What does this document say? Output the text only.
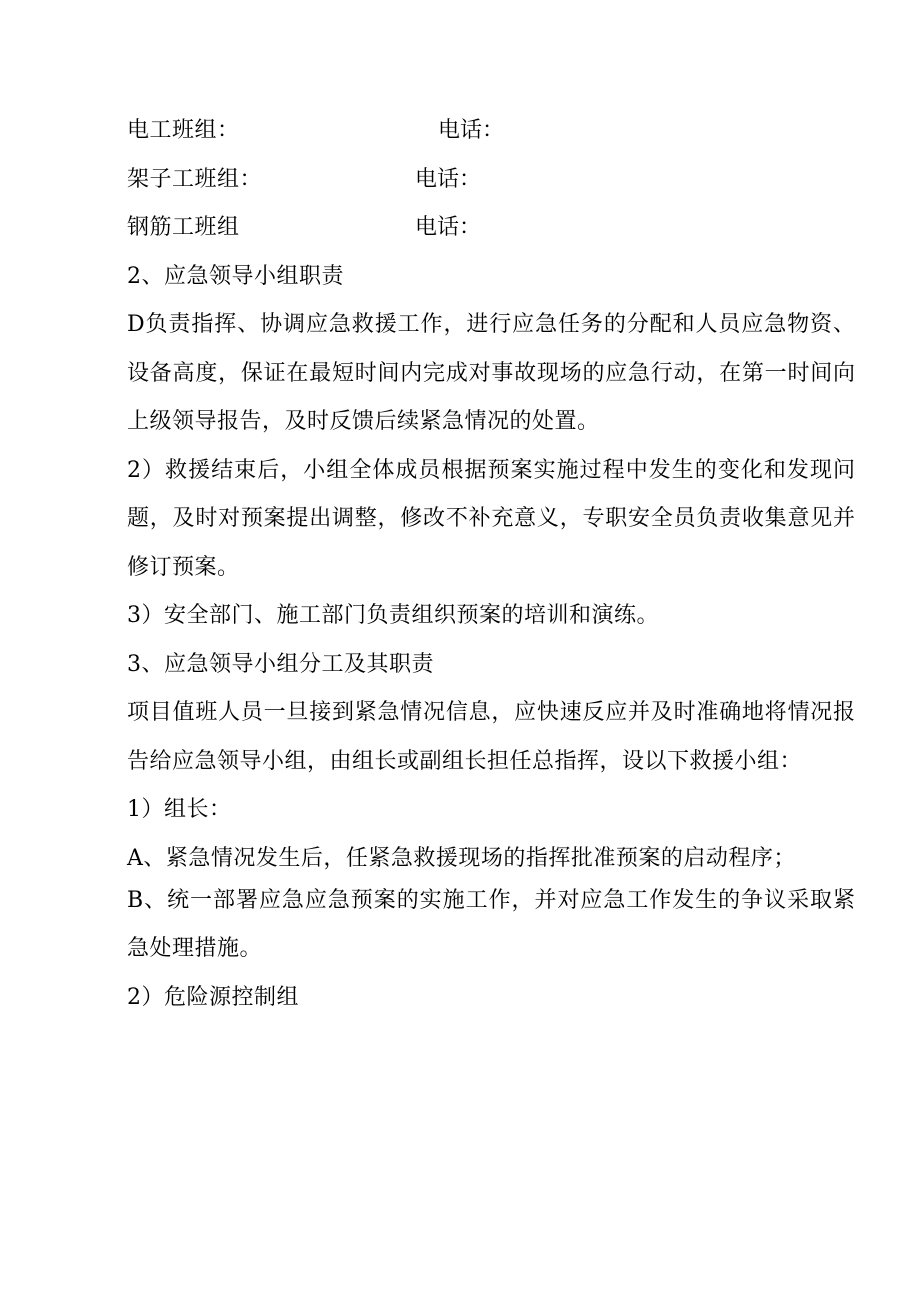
电工班组：	电话：
架子工班组：	电话：
钢筋工班组	电话：
2、应急领导小组职责
D负责指挥、协调应急救援工作，进行应急任务的分配和人员应急物资、
设备高度，保证在最短时间内完成对事故现场的应急行动，在第一时间向
上级领导报告，及时反馈后续紧急情况的处置。
2）救援结束后，小组全体成员根据预案实施过程中发生的变化和发现问
题，及时对预案提出调整，修改不补充意义，专职安全员负责收集意见并
修订预案。
3）安全部门、施工部门负责组织预案的培训和演练。
3、应急领导小组分工及其职责
项目值班人员一旦接到紧急情况信息，应快速反应并及时准确地将情况报
告给应急领导小组，由组长或副组长担任总指挥，设以下救援小组：
1）组长：
A、紧急情况发生后，任紧急救援现场的指挥批准预案的启动程序；
B、统一部署应急应急预案的实施工作，并对应急工作发生的争议采取紧
急处理措施。
2）危险源控制组
